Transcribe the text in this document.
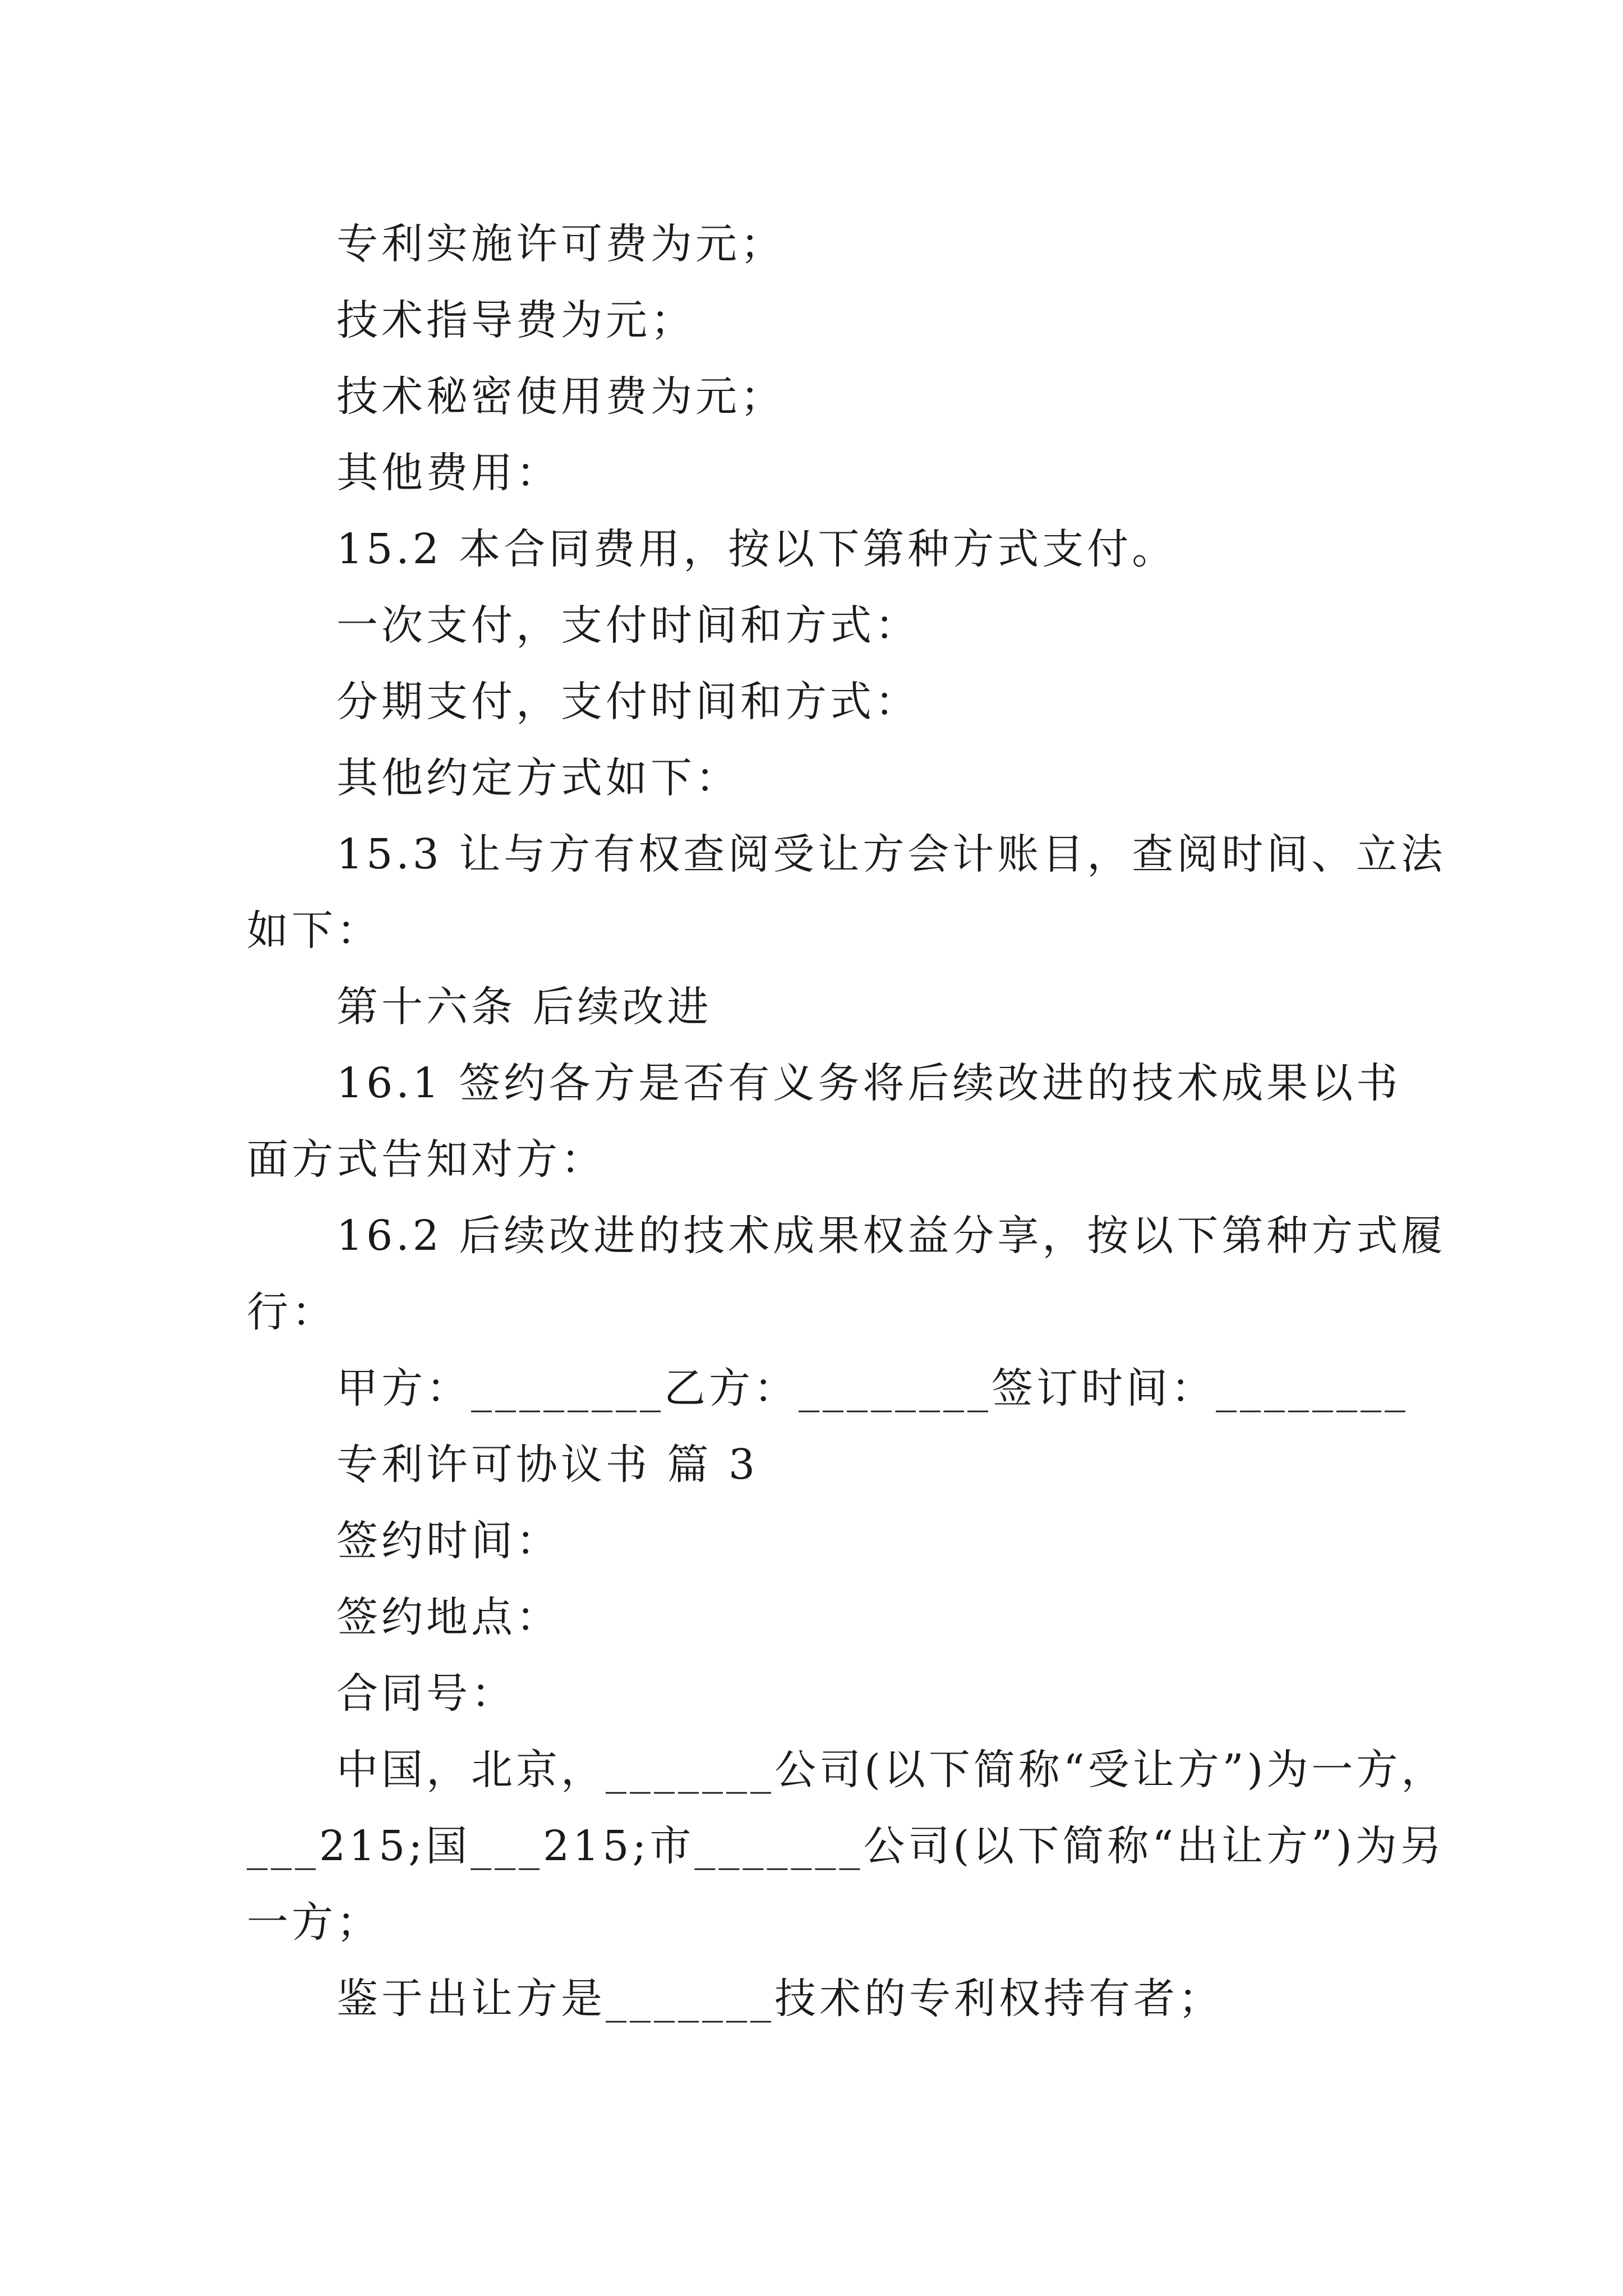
专利实施许可费为元；
技术指导费为元；
技术秘密使用费为元；
其他费用：
15.2 本合同费用，按以下第种方式支付。
一次支付，支付时间和方式：
分期支付，支付时间和方式：
其他约定方式如下：
15.3 让与方有权查阅受让方会计账目，查阅时间、立法
如下：
第十六条 后续改进
16.1 签约各方是否有义务将后续改进的技术成果以书
面方式告知对方：
16.2 后续改进的技术成果权益分享，按以下第种方式履
行：
甲方：________乙方：________签订时间：________
专利许可协议书 篇 3
签约时间：
签约地点：
合同号：
中国，北京，_______公司(以下简称“受让方”)为一方，
___215;国___215;市_______公司(以下简称“出让方”)为另
一方；
鉴于出让方是_______技术的专利权持有者；
